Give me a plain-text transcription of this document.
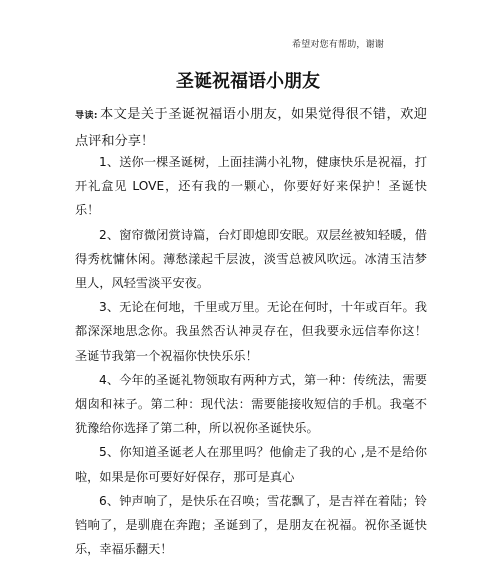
希望对您有帮助，谢谢
圣诞祝福语小朋友
导读: 本文是关于圣诞祝福语小朋友，如果觉得很不错，欢迎点评和分享！

1、送你一棵圣诞树，上面挂满小礼物，健康快乐是祝福，打开礼盒见 LOVE，还有我的一颗心，你要好好来保护！圣诞快乐！

2、窗帘微闭赏诗篇，台灯即熄即安眠。双层丝被知轻暖，借得秀枕慵休闲。薄愁漾起千层波，淡雪总被风吹远。冰清玉洁梦里人，风轻雪淡平安夜。

3、无论在何地，千里或万里。无论在何时，十年或百年。我都深深地思念你。我虽然否认神灵存在，但我要永远信奉你这！圣诞节我第一个祝福你快快乐乐！

4、今年的圣诞礼物领取有两种方式，第一种：传统法，需要烟囱和袜子。第二种：现代法：需要能接收短信的手机。我毫不犹豫给你选择了第二种，所以祝你圣诞快乐。

5、你知道圣诞老人在那里吗？他偷走了我的心 ,是不是给你啦，如果是你可要好好保存，那可是真心

6、钟声响了，是快乐在召唤；雪花飘了，是吉祥在着陆；铃铛响了，是驯鹿在奔跑；圣诞到了，是朋友在祝福。祝你圣诞快乐，幸福乐翻天！
